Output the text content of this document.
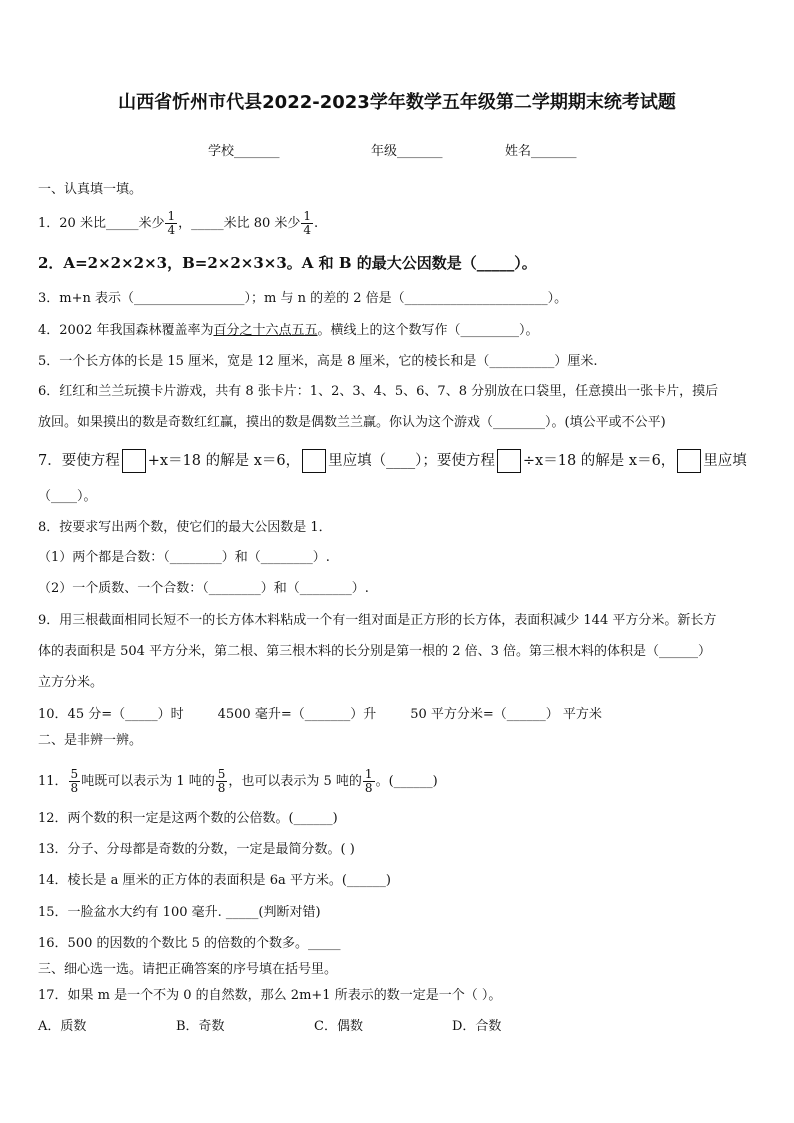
山西省忻州市代县2022-2023学年数学五年级第二学期期末统考试题
学校_______	年级_______	姓名_______
一、认真填一填。
1．20 米比_____米少 $\frac{1}{4}$ ，_____米比 80 米少 $\frac{1}{4}$ .
2．A=2×2×2×3，B=2×2×3×3。A 和 B 的最大公因数是（_____）。
3．m+n 表示（_________________）；m 与 n 的差的 2 倍是（______________________）。
4．2002 年我国森林覆盖率为百分之十六点五五。横线上的这个数写作（_________）。
5．一个长方体的长是 15 厘米，宽是 12 厘米，高是 8 厘米，它的棱长和是（__________）厘米.
6．红红和兰兰玩摸卡片游戏，共有 8 张卡片：1、2、3、4、5、6、7、8 分别放在口袋里，任意摸出一张卡片，摸后
放回。如果摸出的数是奇数红红赢，摸出的数是偶数兰兰赢。你认为这个游戏（________）。(填公平或不公平)
7．要使方程 +x＝18 的解是 x＝6， 里应填（____）；要使方程 ÷x＝18 的解是 x＝6， 里应填
（____）。
8．按要求写出两个数，使它们的最大公因数是 1．
（1）两个都是合数：（________）和（________）.
（2）一个质数、一个合数：（________）和（________）.
9．用三根截面相同长短不一的长方体木料粘成一个有一组对面是正方形的长方体，表面积减少 144 平方分米。新长方
体的表面积是 504 平方分米，第二根、第三根木料的长分别是第一根的 2 倍、3 倍。第三根木料的体积是（______）
立方分米。
10．45 分=（_____）时	4500 毫升=（_______）升	50 平方分米=（______） 平方米
二、是非辨一辨。
11． $\frac{5}{8}$ 吨既可以表示为 1 吨的 $\frac{5}{8}$ ，也可以表示为 5 吨的 $\frac{1}{8}$ 。(______)
12．两个数的积一定是这两个数的公倍数。(______)
13．分子、分母都是奇数的分数，一定是最简分数。( )
14．棱长是 a 厘米的正方体的表面积是 6a 平方米。(______)
15．一脸盆水大约有 100 毫升. _____(判断对错)
16．500 的因数的个数比 5 的倍数的个数多。_____
三、细心选一选。请把正确答案的序号填在括号里。
17．如果 m 是一个不为 0 的自然数，那么 2m+1 所表示的数一定是一个（ ）。
A．质数	B．奇数	C．偶数	D．合数
